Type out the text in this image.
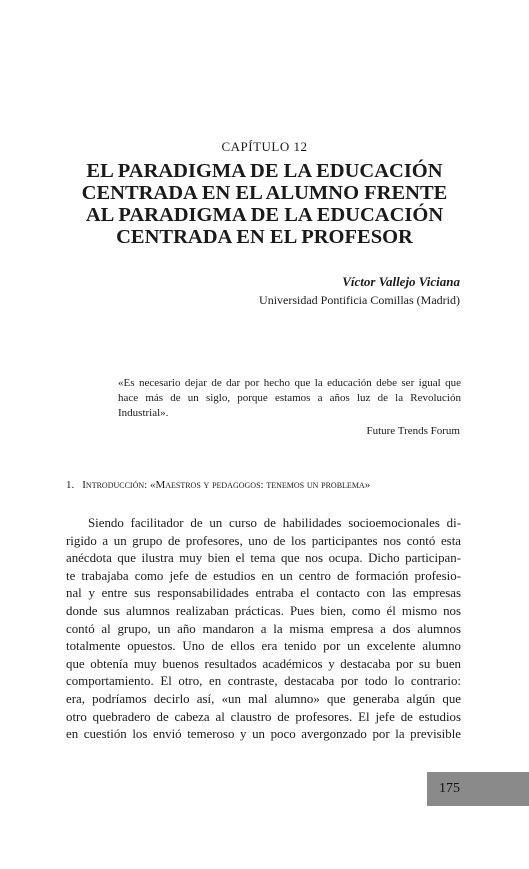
CAPÍTULO 12
EL PARADIGMA DE LA EDUCACIÓN
CENTRADA EN EL ALUMNO FRENTE
AL PARADIGMA DE LA EDUCACIÓN
CENTRADA EN EL PROFESOR
Víctor Vallejo Viciana
Universidad Pontificia Comillas (Madrid)
«Es necesario dejar de dar por hecho que la educación debe ser igual que hace más de un siglo, porque estamos a años luz de la Revolución Industrial».
Future Trends Forum
1. Introducción: «Maestros y pedagogos: tenemos un problema»
Siendo facilitador de un curso de habilidades socioemocionales di-
rigido a un grupo de profesores, uno de los participantes nos contó esta
anécdota que ilustra muy bien el tema que nos ocupa. Dicho participan-
te trabajaba como jefe de estudios en un centro de formación profesio-
nal y entre sus responsabilidades entraba el contacto con las empresas
donde sus alumnos realizaban prácticas. Pues bien, como él mismo nos
contó al grupo, un año mandaron a la misma empresa a dos alumnos
totalmente opuestos. Uno de ellos era tenido por un excelente alumno
que obtenía muy buenos resultados académicos y destacaba por su buen
comportamiento. El otro, en contraste, destacaba por todo lo contrario:
era, podríamos decirlo así, «un mal alumno» que generaba algún que
otro quebradero de cabeza al claustro de profesores. El jefe de estudios
en cuestión los envió temeroso y un poco avergonzado por la previsible
175
